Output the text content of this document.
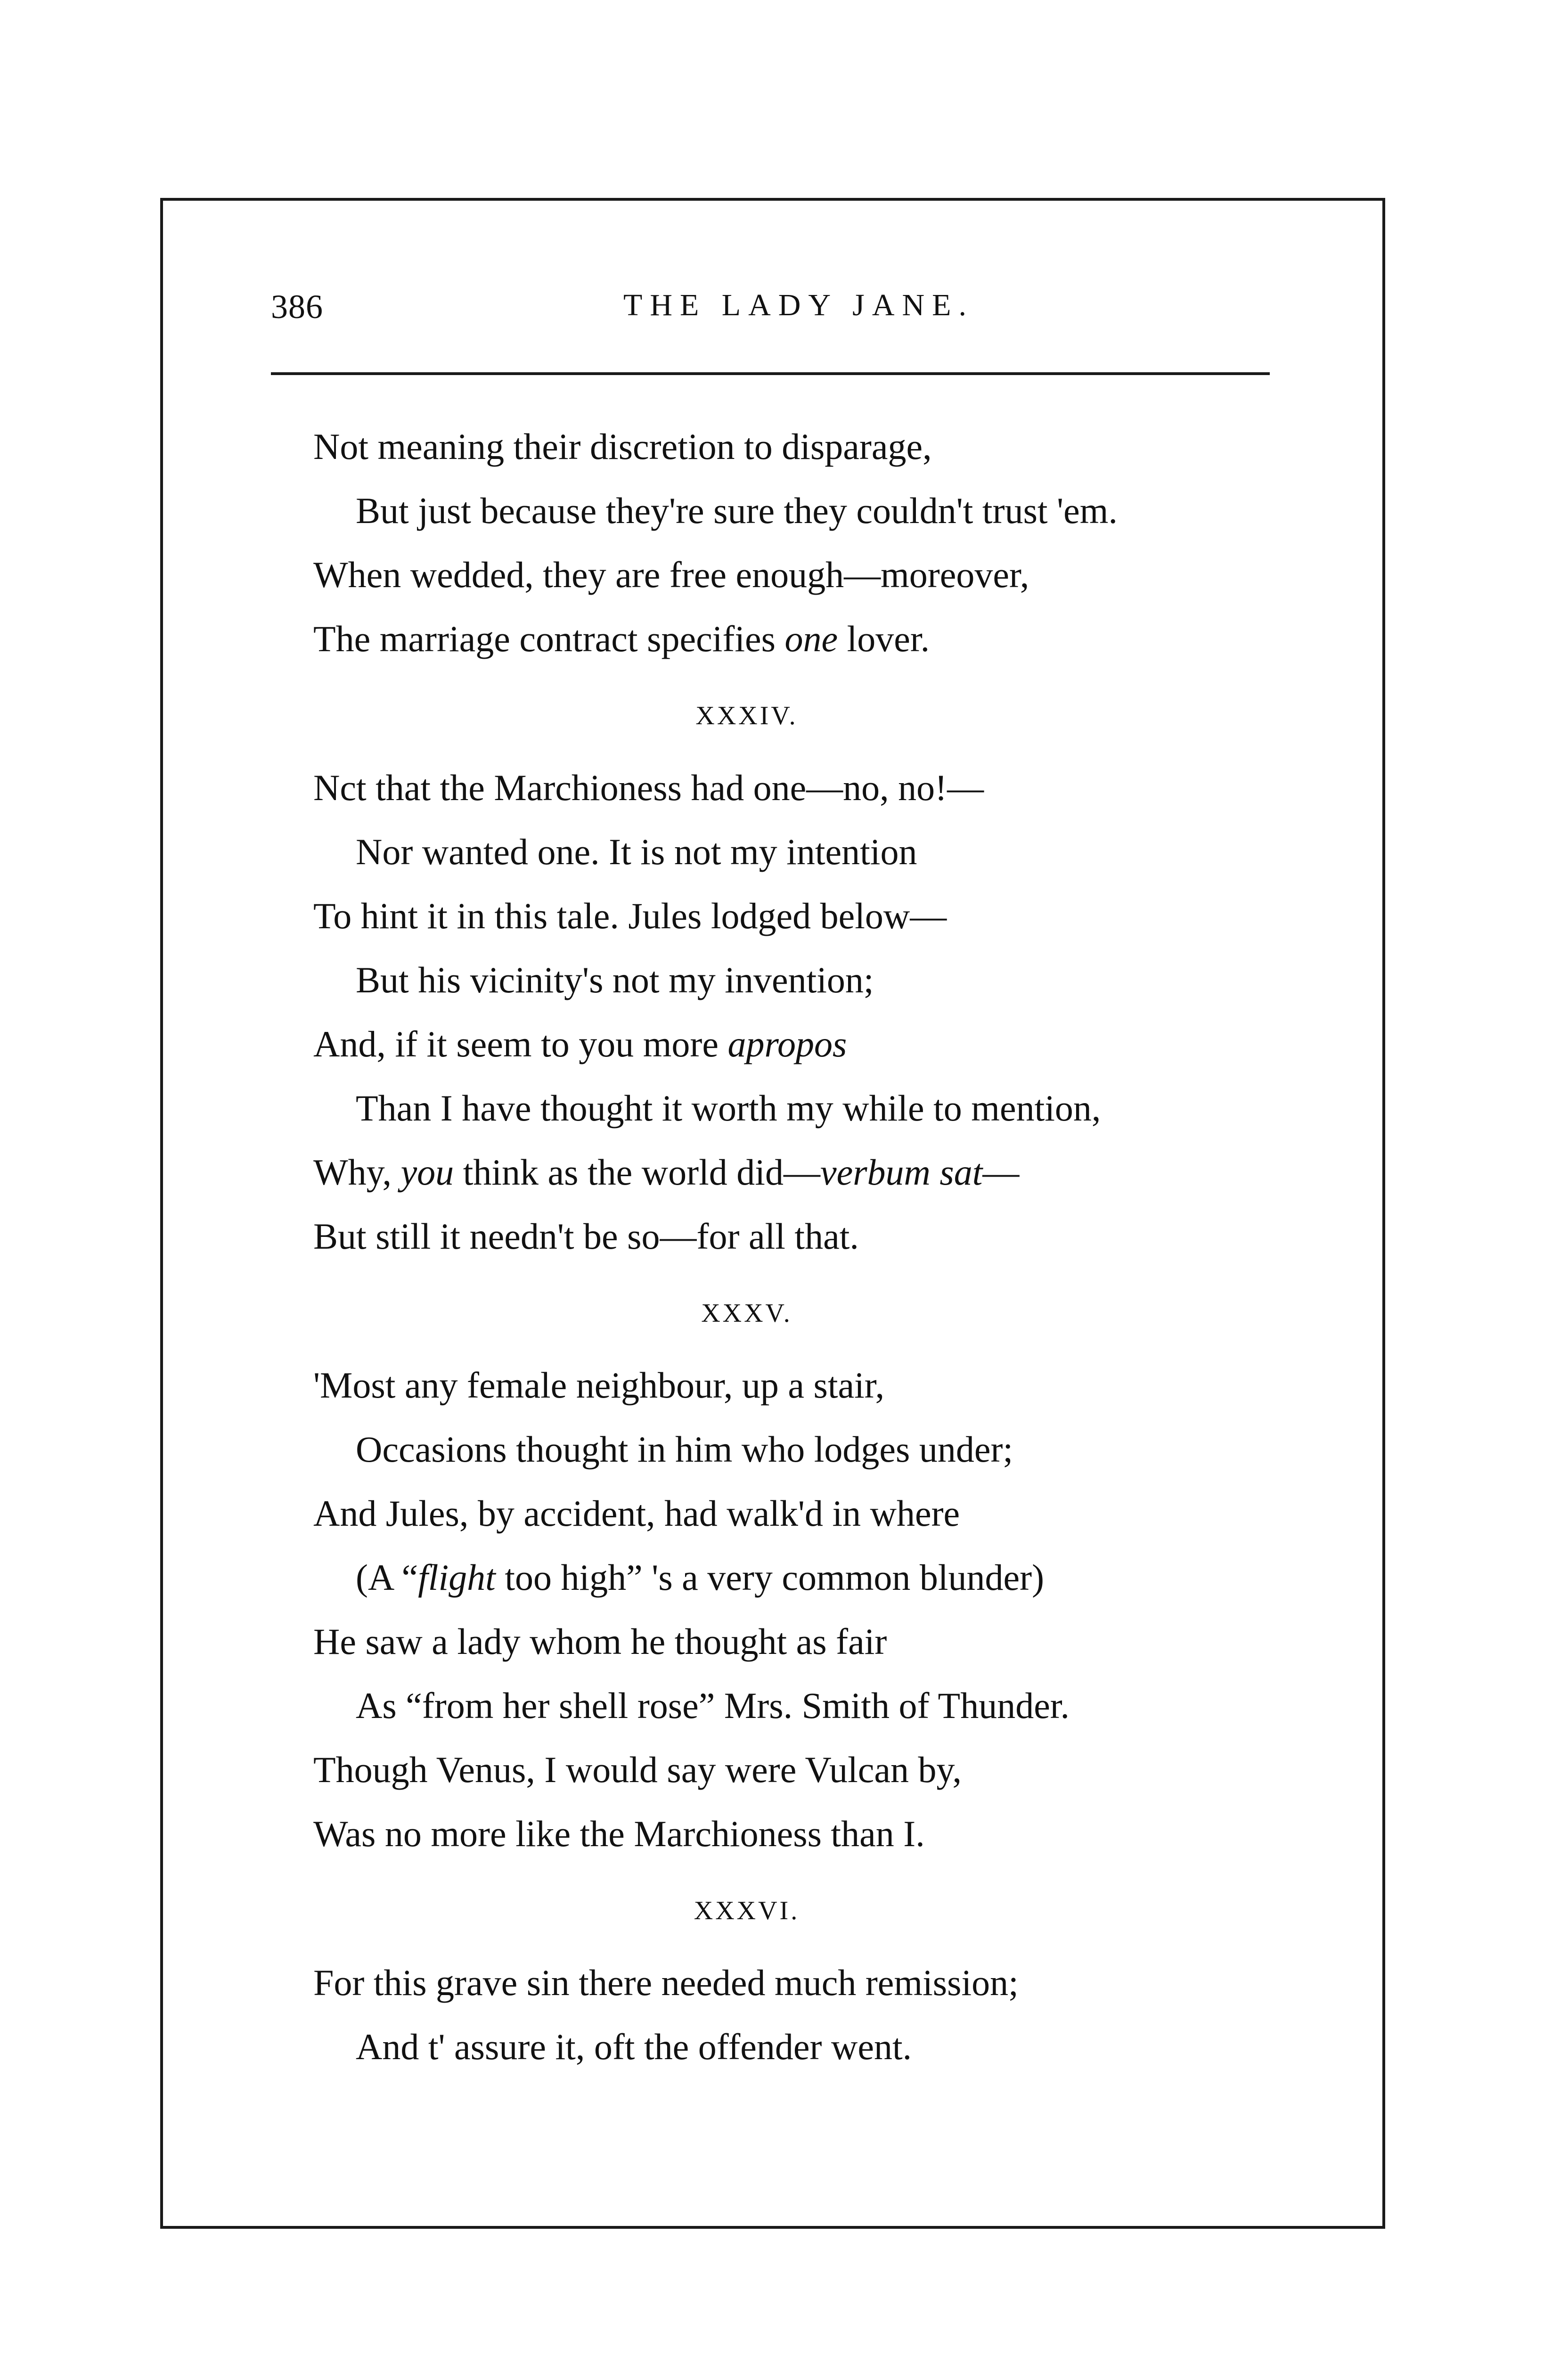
386	THE LADY JANE.
Not meaning their discretion to disparage,
But just because they're sure they couldn't trust 'em.
When wedded, they are free enough—moreover,
The marriage contract specifies one lover.
XXXIV.
Nct that the Marchioness had one—no, no!—
Nor wanted one. It is not my intention
To hint it in this tale. Jules lodged below—
But his vicinity's not my invention;
And, if it seem to you more apropos
Than I have thought it worth my while to mention,
Why, you think as the world did—verbum sat—
But still it needn't be so—for all that.
XXXV.
'Most any female neighbour, up a stair,
Occasions thought in him who lodges under;
And Jules, by accident, had walk'd in where
(A “flight too high” 's a very common blunder)
He saw a lady whom he thought as fair
As “from her shell rose” Mrs. Smith of Thunder.
Though Venus, I would say were Vulcan by,
Was no more like the Marchioness than I.
XXXVI.
For this grave sin there needed much remission;
And t' assure it, oft the offender went.
